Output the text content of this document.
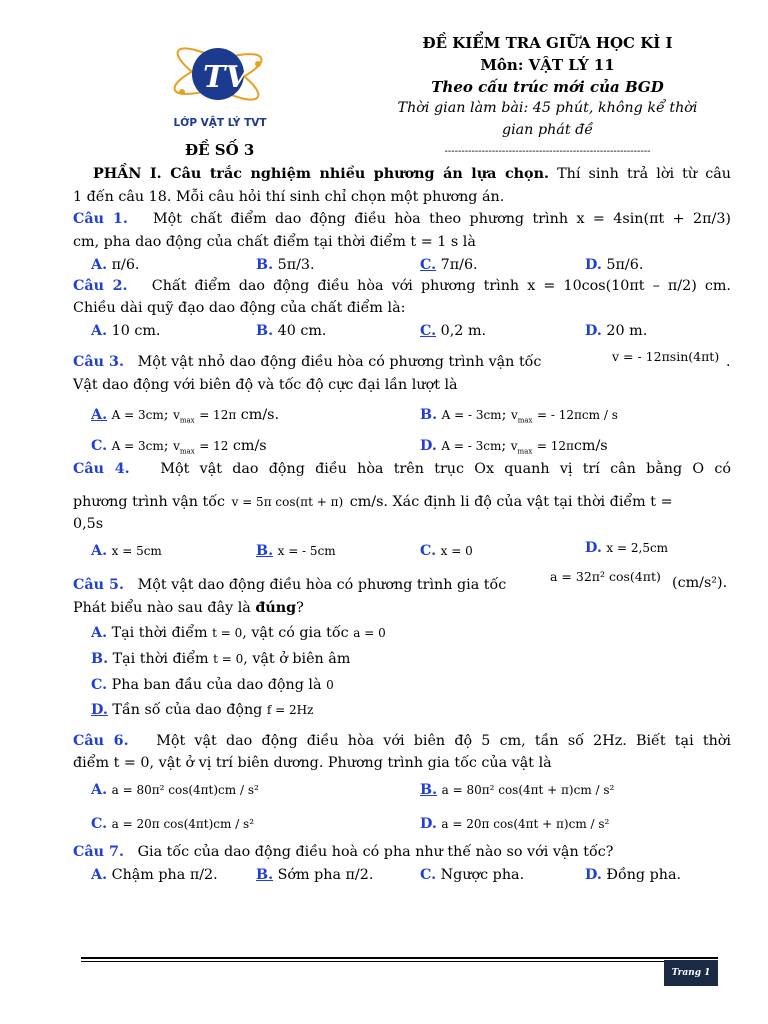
TV
LỚP VẬT LÝ TVT
ĐỀ SỐ 3
ĐỀ KIỂM TRA GIỮA HỌC KÌ I
Môn: VẬT LÝ 11
Theo cấu trúc mới của BGD
Thời gian làm bài: 45 phút, không kể thời
gian phát đề
-------------------------------------------------------------
PHẦN I. Câu trắc nghiệm nhiều phương án lựa chọn. Thí sinh trả lời từ câu
1 đến câu 18. Mỗi câu hỏi thí sinh chỉ chọn một phương án.
Câu 1. Một chất điểm dao động điều hòa theo phương trình x = 4sin(πt + 2π/3)
cm, pha dao động của chất điểm tại thời điểm t = 1 s là
A. π/6.	B. 5π/3.	C. 7π/6.	D. 5π/6.
Câu 2. Chất điểm dao động điều hòa với phương trình x = 10cos(10πt – π/2) cm.
Chiều dài quỹ đạo dao động của chất điểm là:
A. 10 cm.	B. 40 cm.	C. 0,2 m.	D. 20 m.
Câu 3. Một vật nhỏ dao động điều hòa có phương trình vận tốc	v = - 12πsin(4πt) .
Vật dao động với biên độ và tốc độ cực đại lần lượt là
A. A = 3cm; $v_{max} = 12\pi$ cm/s.	B. A = - 3cm; $v_{max}$ = - 12πcm / s
C. A = 3cm; $v_{max} = 12$ cm/s	D. A = - 3cm; $v_{max} = 12\pi cm/s$
Câu 4. Một vật dao động điều hòa trên trục Ox quanh vị trí cân bằng O có
phương trình vận tốc v = 5π cos(πt + π) cm/s. Xác định li độ của vật tại thời điểm t =
0,5s
A. x = 5cm	B. x = - 5cm	C. x = 0	D. x = 2,5cm
Câu 5. Một vật dao động điều hòa có phương trình gia tốc
a = 32π² cos(4πt) (cm/s²).
Phát biểu nào sau đây là đúng?
A. Tại thời điểm t = 0, vật có gia tốc a = 0
B. Tại thời điểm t = 0, vật ở biên âm
C. Pha ban đầu của dao động là 0
D. Tần số của dao động f = 2Hz
Câu 6. Một vật dao động điều hòa với biên độ 5 cm, tần số 2Hz. Biết tại thời
điểm t = 0, vật ở vị trí biên dương. Phương trình gia tốc của vật là
A. a = 80π² cos(4πt)cm / s²	B. a = 80π² cos(4πt + π)cm / s²
C. a = 20π cos(4πt)cm / s²	D. a = 20π cos(4πt + π)cm / s²
Câu 7. Gia tốc của dao động điều hoà có pha như thế nào so với vận tốc?
A. Chậm pha π/2.	B. Sớm pha π/2.	C. Ngược pha.	D. Đồng pha.
Trang 1
